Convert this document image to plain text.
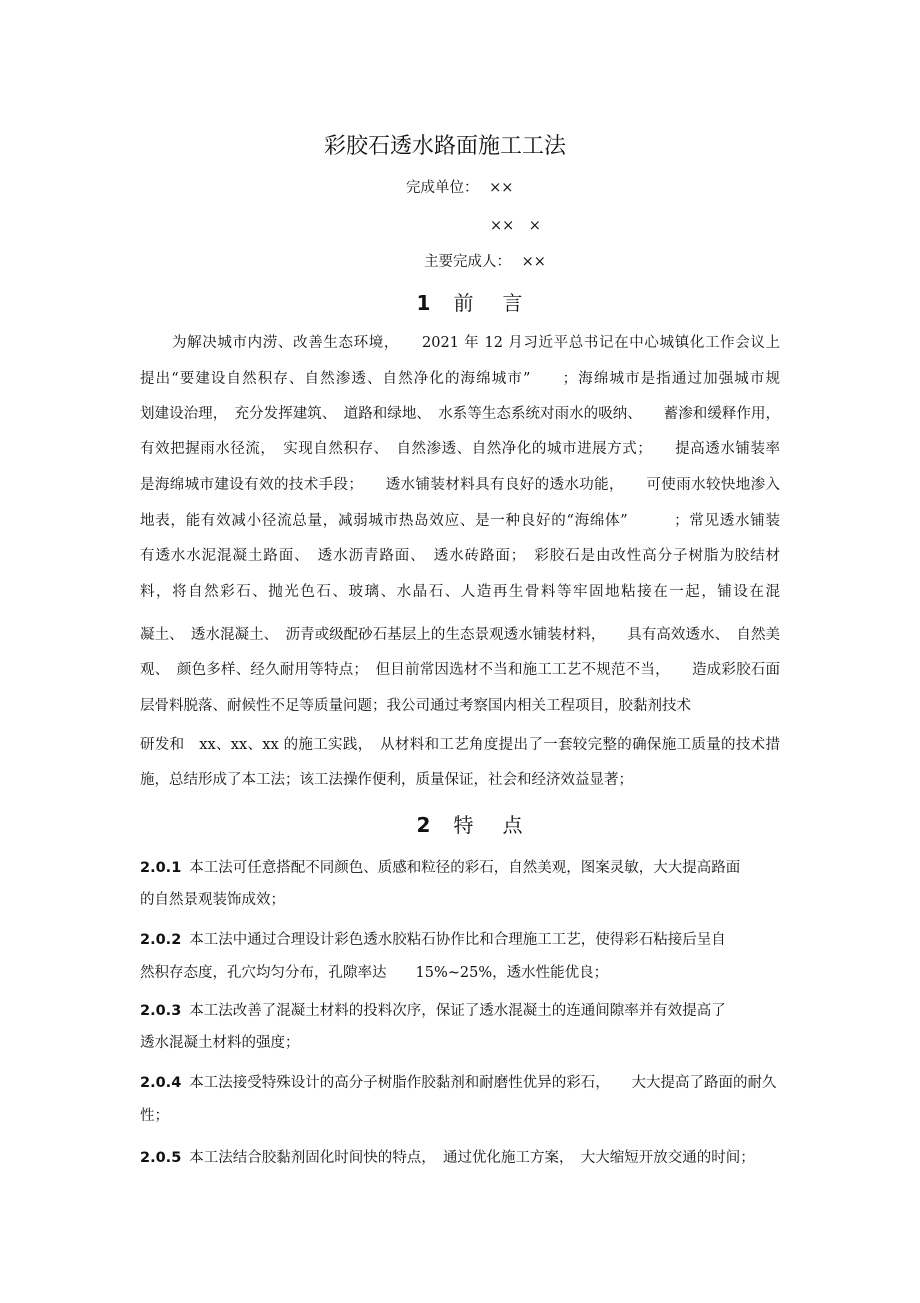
彩胶石透水路面施工工法
完成单位： ××
××　×
主要完成人： ××
1 前 言
为解决城市内涝、改善生态环境，　　2021 年 12 月习近平总书记在中心城镇化工作会议上
提出“要建设自然积存、自然渗透、自然净化的海绵城市”　　；海绵城市是指通过加强城市规
划建设治理，　充分发挥建筑、　道路和绿地、　水系等生态系统对雨水的吸纳、　　蓄渗和缓释作用，
有效把握雨水径流，　实现自然积存、　自然渗透、自然净化的城市进展方式；　　提高透水铺装率
是海绵城市建设有效的技术手段；　　透水铺装材料具有良好的透水功能，　　可使雨水较快地渗入
地表，能有效减小径流总量，减弱城市热岛效应、是一种良好的“海绵体”　　　；常见透水铺装
有透水水泥混凝土路面、　透水沥青路面、　透水砖路面；　彩胶石是由改性高分子树脂为胶结材
料，将自然彩石、抛光色石、玻璃、水晶石、人造再生骨料等牢固地粘接在一起，铺设在混
凝土、　透水混凝土、　沥青或级配砂石基层上的生态景观透水铺装材料，　　具有高效透水、　自然美
观、　颜色多样、经久耐用等特点；　但目前常因选材不当和施工工艺不规范不当，　　造成彩胶石面
层骨料脱落、耐候性不足等质量问题；我公司通过考察国内相关工程项目，胶黏剂技术
研发和　xx、xx、xx 的施工实践，　从材料和工艺角度提出了一套较完整的确保施工质量的技术措
施，总结形成了本工法；该工法操作便利，质量保证，社会和经济效益显著；
2 特 点
2.0.1 本工法可任意搭配不同颜色、质感和粒径的彩石，自然美观，图案灵敏，大大提高路面
的自然景观装饰成效；
2.0.2 本工法中通过合理设计彩色透水胶粘石协作比和合理施工工艺，使得彩石粘接后呈自
然积存态度，孔穴均匀分布，孔隙率达　　15%~25%，透水性能优良；
2.0.3 本工法改善了混凝土材料的投料次序，保证了透水混凝土的连通间隙率并有效提高了
透水混凝土材料的强度；
2.0.4 本工法接受特殊设计的高分子树脂作胶黏剂和耐磨性优异的彩石，　　大大提高了路面的耐久
性；
2.0.5 本工法结合胶黏剂固化时间快的特点，　通过优化施工方案，　大大缩短开放交通的时间；
